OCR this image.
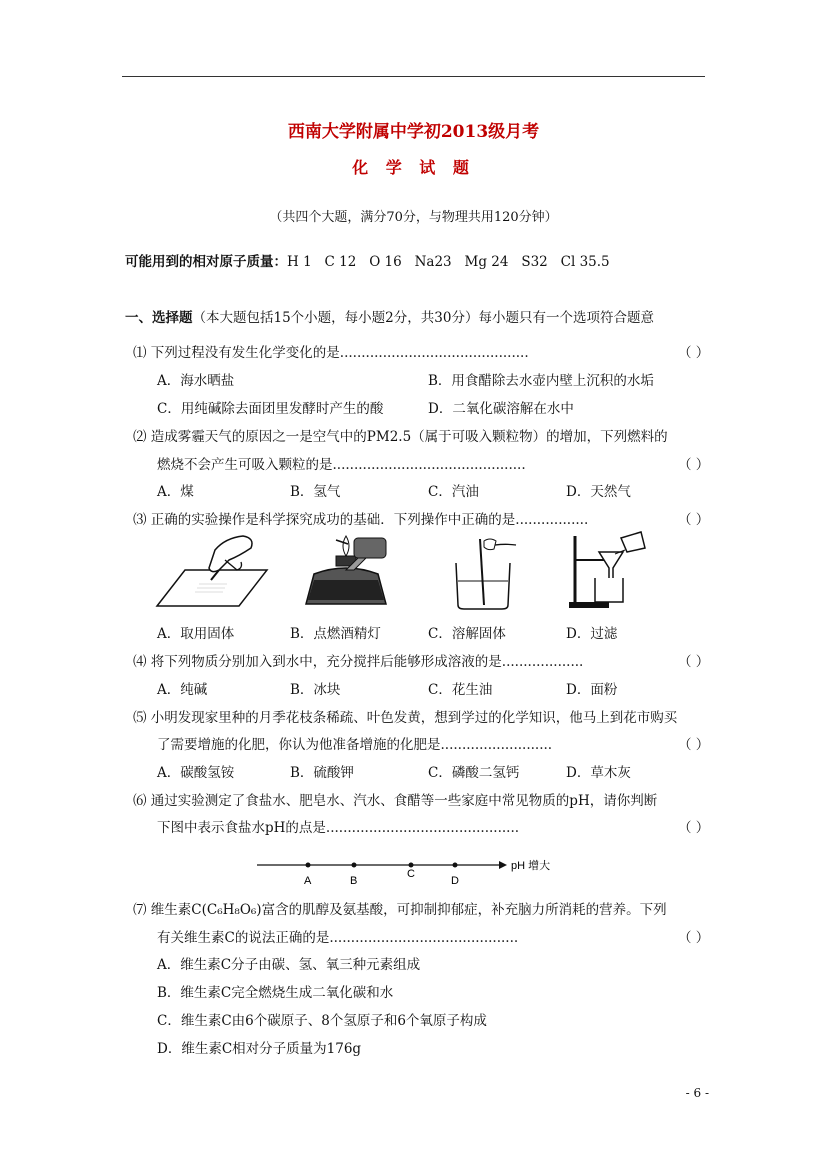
西南大学附属中学初2013级月考
化 学 试 题
（共四个大题，满分70分，与物理共用120分钟）
可能用到的相对原子质量：H 1   C 12   O 16   Na23   Mg 24   S32   Cl 35.5
一、选择题（本大题包括15个小题，每小题2分，共30分）每小题只有一个选项符合题意
⑴ 下列过程没有发生化学变化的是............................................	（ ）
A．海水晒盐	B．用食醋除去水壶内壁上沉积的水垢
C．用纯碱除去面团里发酵时产生的酸	D．二氧化碳溶解在水中
⑵ 造成雾霾天气的原因之一是空气中的PM2.5（属于可吸入颗粒物）的增加，下列燃料的
燃烧不会产生可吸入颗粒的是.............................................	（ ）
A．煤	B．氢气	C．汽油	D．天然气
⑶ 正确的实验操作是科学探究成功的基础．下列操作中正确的是.................	（ ）
A．取用固体	B．点燃酒精灯	C．溶解固体	D．过滤
⑷ 将下列物质分别加入到水中，充分搅拌后能够形成溶液的是...................	（ ）
A．纯碱	B．冰块	C．花生油	D．面粉
⑸ 小明发现家里种的月季花枝条稀疏、叶色发黄，想到学过的化学知识，他马上到花市购买
了需要增施的化肥，你认为他准备增施的化肥是..........................	（ ）
A．碳酸氢铵	B．硫酸钾	C．磷酸二氢钙	D．草木灰
⑹ 通过实验测定了食盐水、肥皂水、汽水、食醋等一些家庭中常见物质的pH，请你判断
下图中表示食盐水pH的点是.............................................	（ ）
A	B
C
D
pH 增大
⑺ 维生素C(C₆H₈O₆)富含的肌醇及氨基酸，可抑制抑郁症，补充脑力所消耗的营养。下列
有关维生素C的说法正确的是............................................	（ ）
A．维生素C分子由碳、氢、氧三种元素组成
B．维生素C完全燃烧生成二氧化碳和水
C．维生素C由6个碳原子、8个氢原子和6个氧原子构成
D．维生素C相对分子质量为176g
- 6 -
